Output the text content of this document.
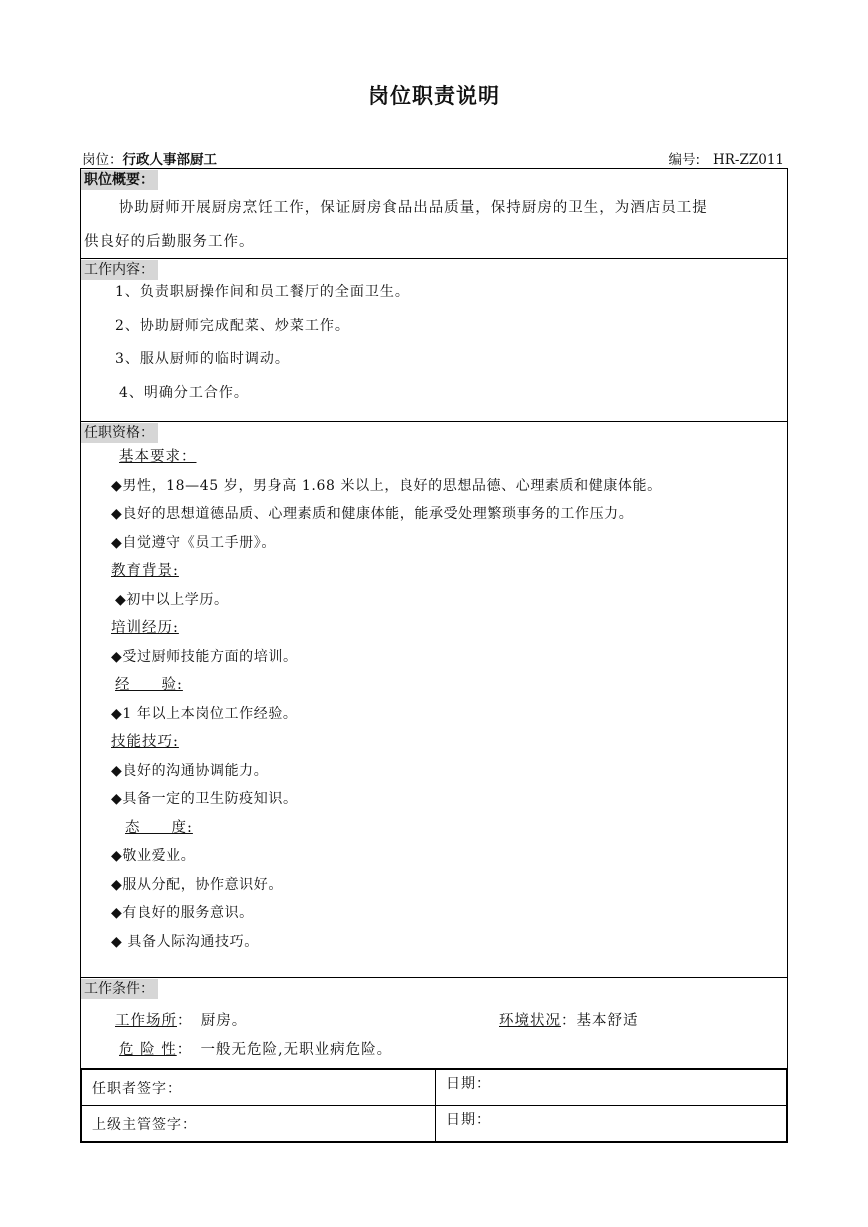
岗位职责说明
岗位：行政人事部厨工	编号: HR-ZZ011
职位概要：
协助厨师开展厨房烹饪工作，保证厨房食品出品质量，保持厨房的卫生，为酒店员工提
供良好的后勤服务工作。
工作内容：
1、负责职厨操作间和员工餐厅的全面卫生。
2、协助厨师完成配菜、炒菜工作。
3、服从厨师的临时调动。
4、明确分工合作。
任职资格：
基本要求：
◆男性，18—45 岁，男身高 1.68 米以上，良好的思想品德、心理素质和健康体能。
◆良好的思想道德品质、心理素质和健康体能，能承受处理繁琐事务的工作压力。
◆自觉遵守《员工手册》。
教育背景:
◆初中以上学历。
培训经历:
◆受过厨师技能方面的培训。
经　　验:
◆1 年以上本岗位工作经验。
技能技巧:
◆良好的沟通协调能力。
◆具备一定的卫生防疫知识。
态　　度:
◆敬业爱业。
◆服从分配，协作意识好。
◆有良好的服务意识。
◆ 具备人际沟通技巧。
工作条件：
工作场所：　厨房。	环境状况：基本舒适
危 险 性：　一般无危险,无职业病危险。
任职者签字：	日期：
上级主管签字：	日期：
